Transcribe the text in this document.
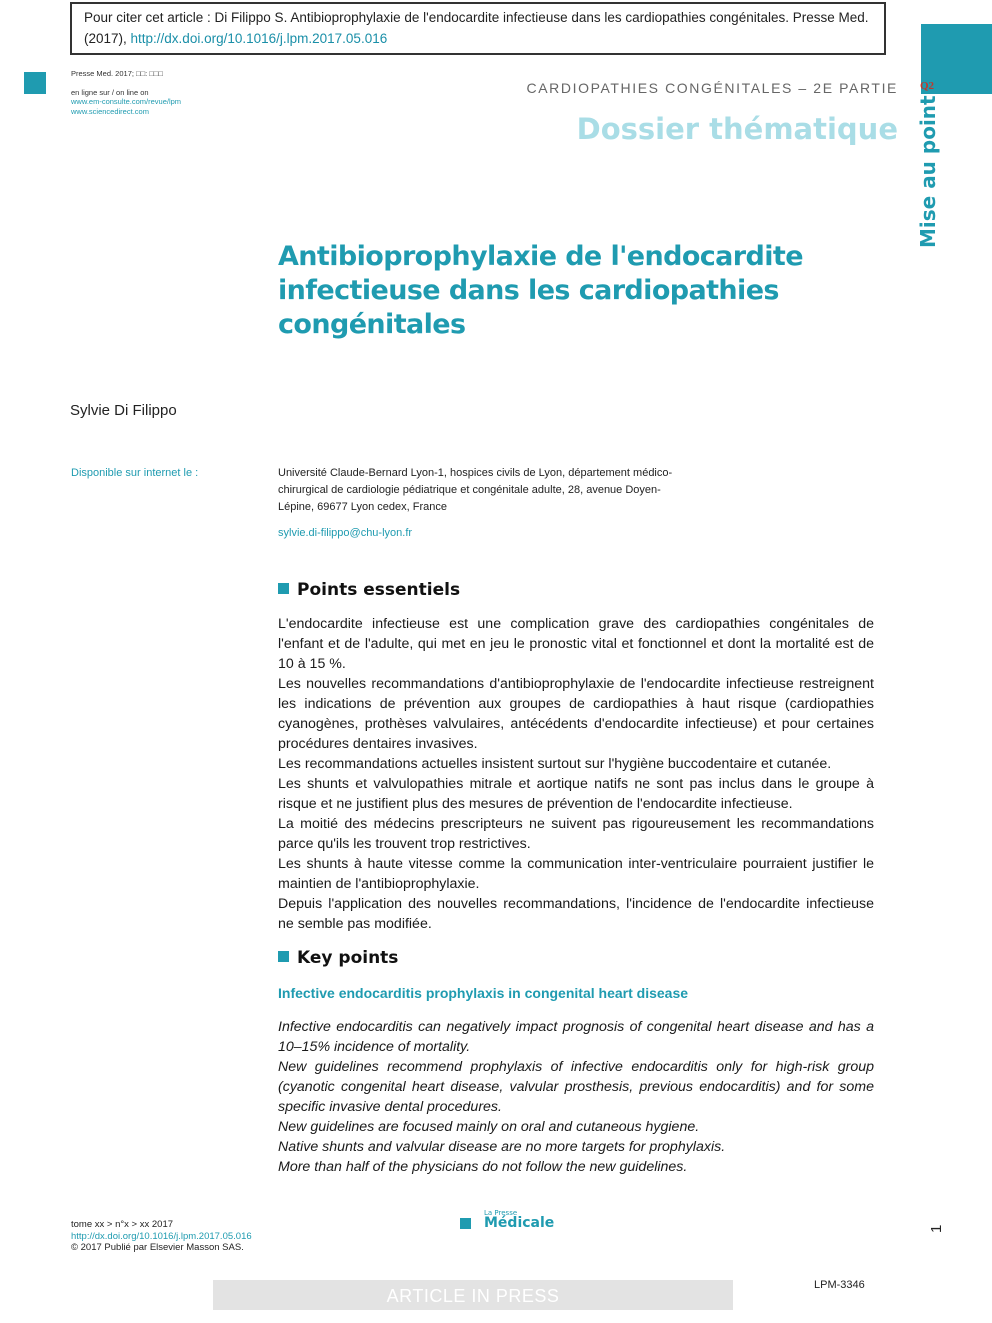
Pour citer cet article : Di Filippo S. Antibioprophylaxie de l'endocardite infectieuse dans les cardiopathies congénitales. Presse Med. (2017), http://dx.doi.org/10.1016/j.lpm.2017.05.016
Presse Med. 2017; □□: □□□
en ligne sur / on line on
www.em-consulte.com/revue/lpm
www.sciencedirect.com
CARDIOPATHIES CONGÉNITALES – 2E PARTIE Q2
Dossier thématique Mise au point
Antibioprophylaxie de l'endocardite infectieuse dans les cardiopathies congénitales
Sylvie Di Filippo
Disponible sur internet le :	Université Claude-Bernard Lyon-1, hospices civils de Lyon, département médico-chirurgical de cardiologie pédiatrique et congénitale adulte, 28, avenue Doyen-Lépine, 69677 Lyon cedex, France
sylvie.di-filippo@chu-lyon.fr
Points essentiels

L'endocardite infectieuse est une complication grave des cardiopathies congénitales de l'enfant et de l'adulte, qui met en jeu le pronostic vital et fonctionnel et dont la mortalité est de 10 à 15 %.

Les nouvelles recommandations d'antibioprophylaxie de l'endocardite infectieuse restreignent les indications de prévention aux groupes de cardiopathies à haut risque (cardiopathies cyanogènes, prothèses valvulaires, antécédents d'endocardite infectieuse) et pour certaines procédures dentaires invasives.

Les recommandations actuelles insistent surtout sur l'hygiène buccodentaire et cutanée.

Les shunts et valvulopathies mitrale et aortique natifs ne sont pas inclus dans le groupe à risque et ne justifient plus des mesures de prévention de l'endocardite infectieuse.

La moitié des médecins prescripteurs ne suivent pas rigoureusement les recommandations parce qu'ils les trouvent trop restrictives.

Les shunts à haute vitesse comme la communication inter-ventriculaire pourraient justifier le maintien de l'antibioprophylaxie.

Depuis l'application des nouvelles recommandations, l'incidence de l'endocardite infectieuse ne semble pas modifiée.

Key points
Infective endocarditis prophylaxis in congenital heart disease

Infective endocarditis can negatively impact prognosis of congenital heart disease and has a 10–15% incidence of mortality.

New guidelines recommend prophylaxis of infective endocarditis only for high-risk group (cyanotic congenital heart disease, valvular prosthesis, previous endocarditis) and for some specific invasive dental procedures.

New guidelines are focused mainly on oral and cutaneous hygiene.

Native shunts and valvular disease are no more targets for prophylaxis.

More than half of the physicians do not follow the new guidelines.

tome xx > n°x > xx 2017
http://dx.doi.org/10.1016/j.lpm.2017.05.016
© 2017 Publié par Elsevier Masson SAS.
La Presse
Médicale	1
ARTICLE IN PRESS
LPM-3346
